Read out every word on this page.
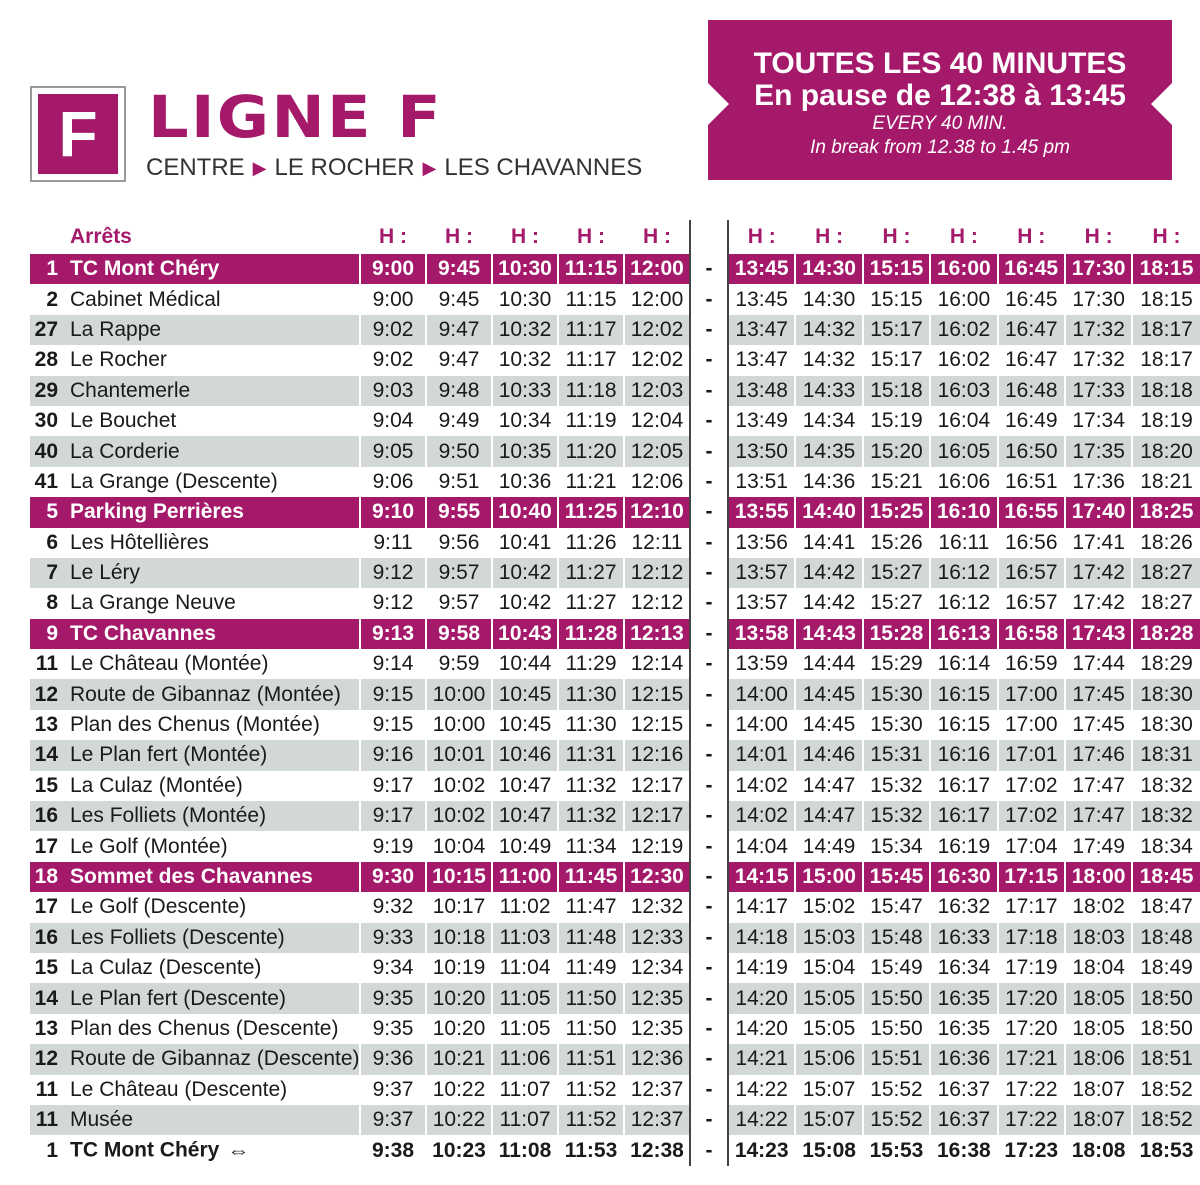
F LIGNE F
CENTRE ▶ LE ROCHER ▶ LES CHAVANNES
TOUTES LES 40 MINUTES
En pause de 12:38 à 13:45
EVERY 40 MIN.
In break from 12.38 to 1.45 pm
	Arrêts	H :	H :	H :	H :	H :		H :	H :	H :	H :	H :	H :	H :
1	TC Mont Chéry	9:00	9:45	10:30	11:15	12:00	-	13:45	14:30	15:15	16:00	16:45	17:30	18:15
2	Cabinet Médical	9:00	9:45	10:30	11:15	12:00	-	13:45	14:30	15:15	16:00	16:45	17:30	18:15
27	La Rappe	9:02	9:47	10:32	11:17	12:02	-	13:47	14:32	15:17	16:02	16:47	17:32	18:17
28	Le Rocher	9:02	9:47	10:32	11:17	12:02	-	13:47	14:32	15:17	16:02	16:47	17:32	18:17
29	Chantemerle	9:03	9:48	10:33	11:18	12:03	-	13:48	14:33	15:18	16:03	16:48	17:33	18:18
30	Le Bouchet	9:04	9:49	10:34	11:19	12:04	-	13:49	14:34	15:19	16:04	16:49	17:34	18:19
40	La Corderie	9:05	9:50	10:35	11:20	12:05	-	13:50	14:35	15:20	16:05	16:50	17:35	18:20
41	La Grange (Descente)	9:06	9:51	10:36	11:21	12:06	-	13:51	14:36	15:21	16:06	16:51	17:36	18:21
5	Parking Perrières	9:10	9:55	10:40	11:25	12:10	-	13:55	14:40	15:25	16:10	16:55	17:40	18:25
6	Les Hôtellières	9:11	9:56	10:41	11:26	12:11	-	13:56	14:41	15:26	16:11	16:56	17:41	18:26
7	Le Léry	9:12	9:57	10:42	11:27	12:12	-	13:57	14:42	15:27	16:12	16:57	17:42	18:27
8	La Grange Neuve	9:12	9:57	10:42	11:27	12:12	-	13:57	14:42	15:27	16:12	16:57	17:42	18:27
9	TC Chavannes	9:13	9:58	10:43	11:28	12:13	-	13:58	14:43	15:28	16:13	16:58	17:43	18:28
11	Le Château (Montée)	9:14	9:59	10:44	11:29	12:14	-	13:59	14:44	15:29	16:14	16:59	17:44	18:29
12	Route de Gibannaz (Montée)	9:15	10:00	10:45	11:30	12:15	-	14:00	14:45	15:30	16:15	17:00	17:45	18:30
13	Plan des Chenus (Montée)	9:15	10:00	10:45	11:30	12:15	-	14:00	14:45	15:30	16:15	17:00	17:45	18:30
14	Le Plan fert (Montée)	9:16	10:01	10:46	11:31	12:16	-	14:01	14:46	15:31	16:16	17:01	17:46	18:31
15	La Culaz (Montée)	9:17	10:02	10:47	11:32	12:17	-	14:02	14:47	15:32	16:17	17:02	17:47	18:32
16	Les Folliets (Montée)	9:17	10:02	10:47	11:32	12:17	-	14:02	14:47	15:32	16:17	17:02	17:47	18:32
17	Le Golf (Montée)	9:19	10:04	10:49	11:34	12:19	-	14:04	14:49	15:34	16:19	17:04	17:49	18:34
18	Sommet des Chavannes	9:30	10:15	11:00	11:45	12:30	-	14:15	15:00	15:45	16:30	17:15	18:00	18:45
17	Le Golf (Descente)	9:32	10:17	11:02	11:47	12:32	-	14:17	15:02	15:47	16:32	17:17	18:02	18:47
16	Les Folliets (Descente)	9:33	10:18	11:03	11:48	12:33	-	14:18	15:03	15:48	16:33	17:18	18:03	18:48
15	La Culaz (Descente)	9:34	10:19	11:04	11:49	12:34	-	14:19	15:04	15:49	16:34	17:19	18:04	18:49
14	Le Plan fert (Descente)	9:35	10:20	11:05	11:50	12:35	-	14:20	15:05	15:50	16:35	17:20	18:05	18:50
13	Plan des Chenus (Descente)	9:35	10:20	11:05	11:50	12:35	-	14:20	15:05	15:50	16:35	17:20	18:05	18:50
12	Route de Gibannaz (Descente)	9:36	10:21	11:06	11:51	12:36	-	14:21	15:06	15:51	16:36	17:21	18:06	18:51
11	Le Château (Descente)	9:37	10:22	11:07	11:52	12:37	-	14:22	15:07	15:52	16:37	17:22	18:07	18:52
11	Musée	9:37	10:22	11:07	11:52	12:37	-	14:22	15:07	15:52	16:37	17:22	18:07	18:52
1	TC Mont Chéry ⇔	9:38	10:23	11:08	11:53	12:38	-	14:23	15:08	15:53	16:38	17:23	18:08	18:53
